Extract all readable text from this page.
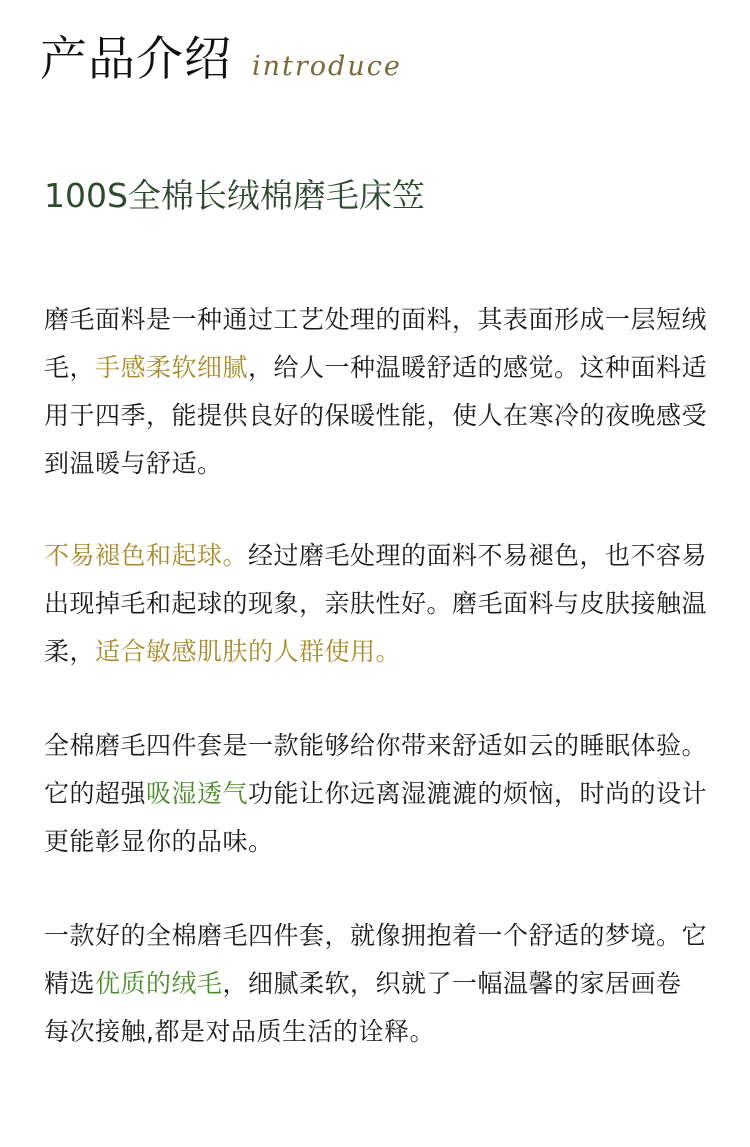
产品介绍 introduce
100S全棉长绒棉磨毛床笠
磨毛面料是一种通过工艺处理的面料，其表面形成一层短绒毛，手感柔软细腻，给人一种温暖舒适的感觉。这种面料适用于四季，能提供良好的保暖性能，使人在寒冷的夜晚感受到温暖与舒适。
不易褪色和起球。经过磨毛处理的面料不易褪色，也不容易出现掉毛和起球的现象，亲肤性好。磨毛面料与皮肤接触温柔，适合敏感肌肤的人群使用。
全棉磨毛四件套是一款能够给你带来舒适如云的睡眠体验。它的超强吸湿透气功能让你远离湿漉漉的烦恼，时尚的设计更能彰显你的品味。
一款好的全棉磨毛四件套，就像拥抱着一个舒适的梦境。它精选优质的绒毛，细腻柔软，织就了一幅温馨的家居画卷 每次接触,都是对品质生活的诠释。
